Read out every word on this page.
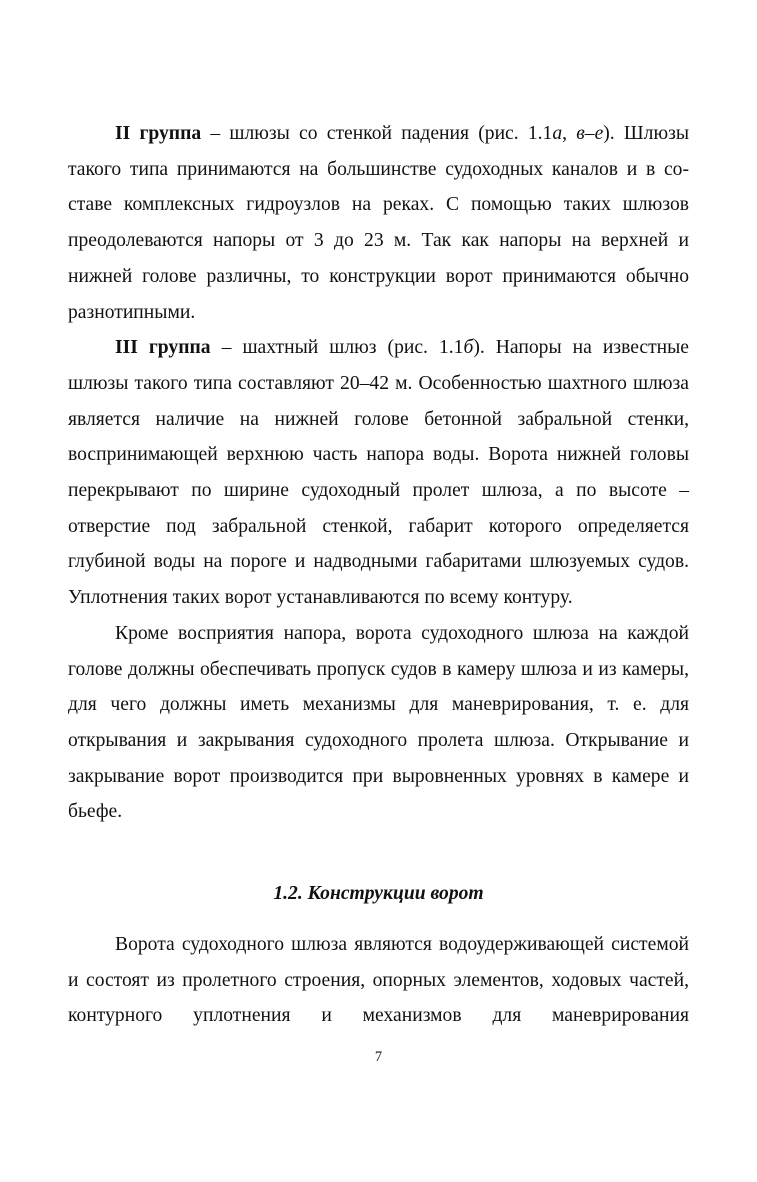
II группа – шлюзы со стенкой падения (рис. 1.1а, в–е). Шлюзы такого типа принимаются на большинстве судоходных каналов и в составе комплексных гидроузлов на реках. С помощью таких шлюзов преодолеваются напоры от 3 до 23 м. Так как напоры на верхней и нижней голове различны, то конструкции ворот принимаются обычно разнотипными.

III группа – шахтный шлюз (рис. 1.1б). Напоры на известные шлюзы такого типа составляют 20–42 м. Особенностью шахтного шлюза является наличие на нижней голове бетонной забральной стенки, воспринимающей верхнюю часть напора воды. Ворота нижней головы перекрывают по ширине судоходный пролет шлюза, а по высоте – отверстие под забральной стенкой, габарит которого определяется глубиной воды на пороге и надводными габаритами шлюзуемых судов. Уплотнения таких ворот устанавливаются по всему контуру.

Кроме восприятия напора, ворота судоходного шлюза на каждой голове должны обеспечивать пропуск судов в камеру шлюза и из камеры, для чего должны иметь механизмы для маневрирования, т. е. для открывания и закрывания судоходного пролета шлюза. Открывание и закрывание ворот производится при выровненных уровнях в камере и бьефе.

1.2. Конструкции ворот

Ворота судоходного шлюза являются водоудерживающей системой и состоят из пролетного строения, опорных элементов, ходовых частей, контурного уплотнения и механизмов для маневрирования

7
